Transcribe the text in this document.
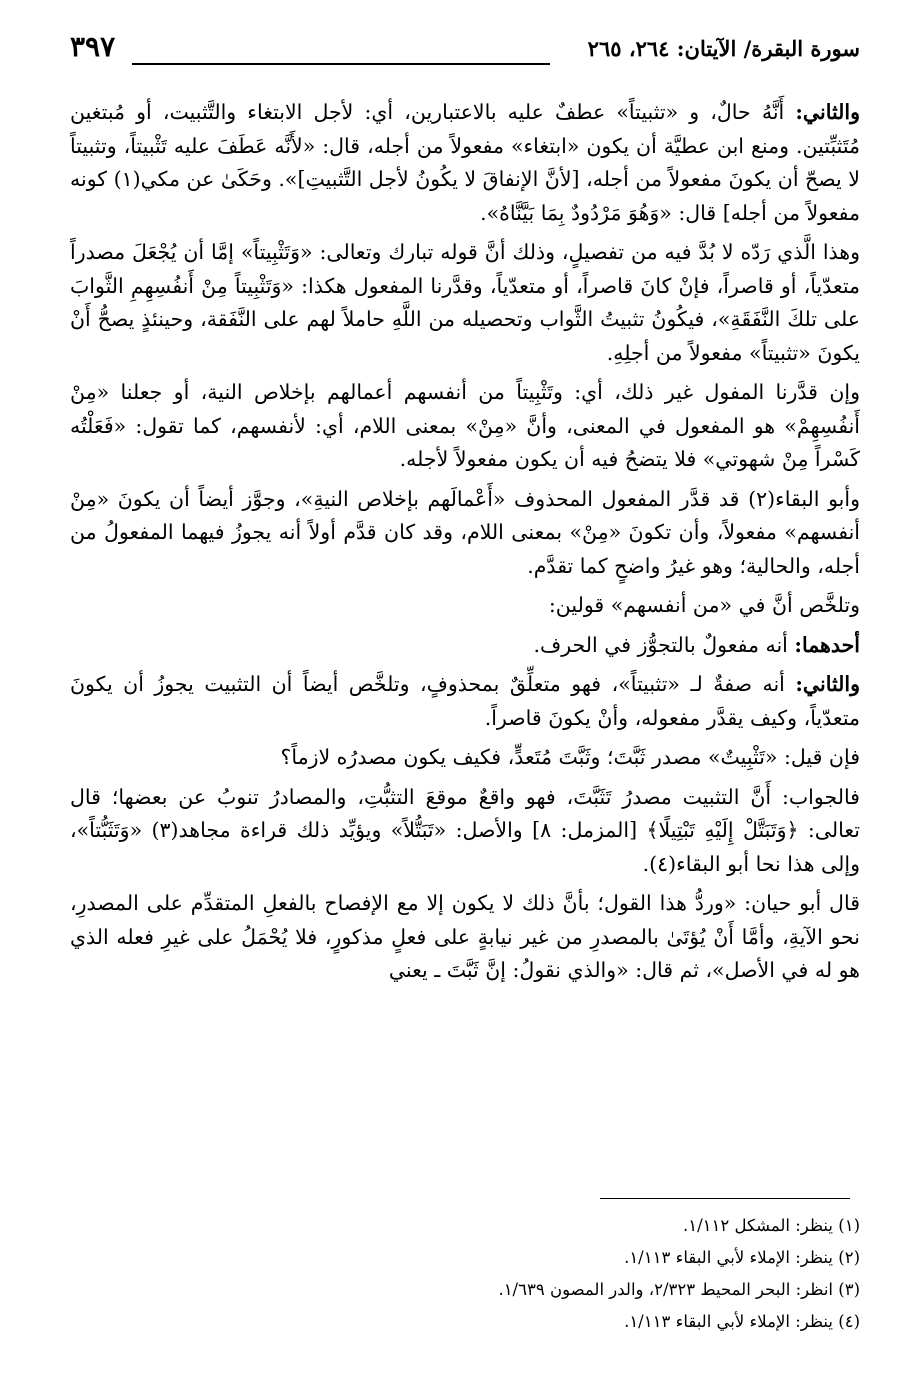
سورة البقرة/ الآيتان: ٢٦٤، ٢٦٥
٣٩٧

والثاني: أَنَّهُ حالٌ، و «تثبيتاً» عطفٌ عليه بالاعتبارين، أي: لأجل الابتغاء والتَّثبيت، أو مُبتغين مُتَثبِّتين. ومنع ابن عطيَّة أن يكون «ابتغاء» مفعولاً من أجله، قال: «لأَنَّه عَطَفَ عليه تَثْبيتاً، وتثبيتاً لا يصحّ أن يكونَ مفعولاً من أجله، [لأنَّ الإنفاقَ لا يكُونُ لأجل التَّثبيتِ]». وحَكَىٰ عن مكي(١) كونه مفعولاً من أجله] قال: «وَهُوَ مَرْدُودٌ بِمَا بَيَّنَّاهُ».

وهذا الَّذي رَدّه لا بُدَّ فيه من تفصيلٍ، وذلك أنَّ قوله تبارك وتعالى: «وَتَثْبِيتاً» إمَّا أن يُجْعَلَ مصدراً متعدّياً، أو قاصراً، فإنْ كانَ قاصراً، أو متعدّياً، وقدَّرنا المفعول هكذا: «وَتَثْبِيتاً مِنْ أَنفُسِهِمِ الثَّوابَ على تلكَ النَّفَقَةِ»، فيكُونُ تثبيتُ الثَّواب وتحصيله من اللَّهِ حاملاً لهم على النَّفَقة، وحينئذٍ يصحُّ أَنْ يكونَ «تثبيتاً» مفعولاً من أجلِهِ.

وإن قدَّرنا المفول غير ذلك، أي: وتَثْبِيتاً من أنفسهم أعمالهم بإخلاص النية، أو جعلنا «مِنْ أَنفُسِهِمْ» هو المفعول في المعنى، وأنَّ «مِنْ» بمعنى اللام، أي: لأنفسهم، كما تقول: «فَعَلْتُه كَسْراً مِنْ شهوتي» فلا يتضحُ فيه أن يكون مفعولاً لأجله.

وأبو البقاء(٢) قد قدَّر المفعول المحذوف «أَعْمالَهم بإخلاص النيةِ»، وجوَّز أيضاً أن يكونَ «مِنْ أنفسهم» مفعولاً، وأن تكونَ «مِنْ» بمعنى اللام، وقد كان قدَّم أولاً أنه يجوزُ فيهما المفعولُ من أجله، والحالية؛ وهو غيرُ واضحٍ كما تقدَّم.

وتلخَّص أنَّ في «من أنفسهم» قولين:

أحدهما: أنه مفعولٌ بالتجوُّز في الحرف.

والثاني: أنه صفةٌ لـ «تثبيتاً»، فهو متعلِّقٌ بمحذوفٍ، وتلخَّص أيضاً أن التثبيت يجوزُ أن يكونَ متعدّياً، وكيف يقدَّر مفعوله، وأنْ يكونَ قاصراً.

فإن قيل: «تَثْبِيتٌ» مصدر ثَبَّتَ؛ وثَبَّتَ مُتَعدٍّ، فكيف يكون مصدرُه لازماً؟

فالجواب: أَنَّ التثبيت مصدرُ تَثَبَّتَ، فهو واقعٌ موقعَ التثبُّتِ، والمصادرُ تنوبُ عن بعضها؛ قال تعالى: ﴿وَتَبَتَّلْ إِلَيْهِ تَبْتِيلًا﴾ [المزمل: ٨] والأصل: «تَبَتُّلاً» ويؤيِّد ذلك قراءة مجاهد(٣) «وَتَثَبُّتاً»، وإلى هذا نحا أبو البقاء(٤).

قال أبو حيان: «وردُّ هذا القول؛ بأنَّ ذلك لا يكون إلا مع الإفصاح بالفعلِ المتقدِّم على المصدرِ، نحو الآيةِ، وأمَّا أَنْ يُؤتَىٰ بالمصدرِ من غير نيابةٍ على فعلٍ مذكورٍ، فلا يُحْمَلُ على غيرِ فعله الذي هو له في الأصل»، ثم قال: «والذي نقولُ: إنَّ ثَبَّتَ ـ يعني

(١) ينظر: المشكل ١/١١٢.

(٢) ينظر: الإملاء لأبي البقاء ١/١١٣.

(٣) انظر: البحر المحيط ٢/٣٢٣، والدر المصون ١/٦٣٩.

(٤) ينظر: الإملاء لأبي البقاء ١/١١٣.
